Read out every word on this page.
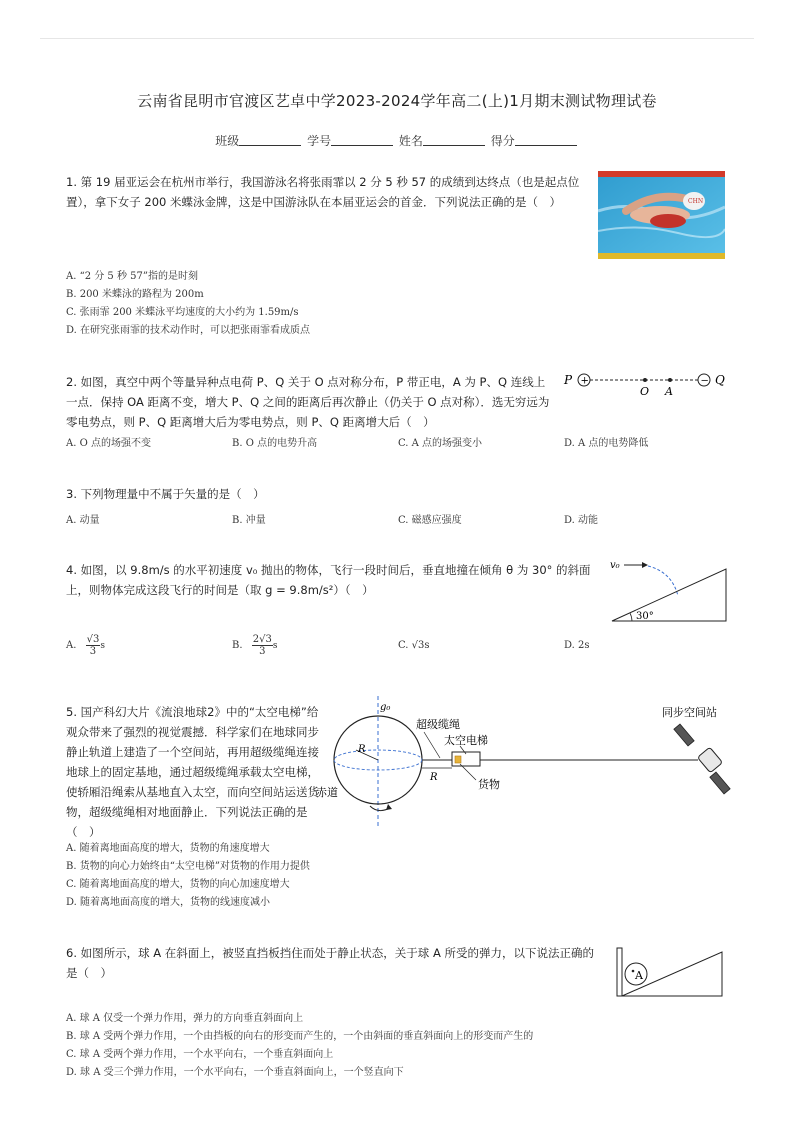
云南省昆明市官渡区艺卓中学2023-2024学年高二(上)1月期末测试物理试卷
班级	学号	姓名	得分
1. 第 19 届亚运会在杭州市举行，我国游泳名将张雨霏以 2 分 5 秒 57 的成绩到达终点（也是起点位置），拿下女子 200 米蝶泳金牌，这是中国游泳队在本届亚运会的首金．下列说法正确的是（　）	CHN
A. “2 分 5 秒 57”指的是时刻
B. 200 米蝶泳的路程为 200m
C. 张雨霏 200 米蝶泳平均速度的大小约为 1.59m/s
D. 在研究张雨霏的技术动作时，可以把张雨霏看成质点
2. 如图，真空中两个等量异种点电荷 P、Q 关于 O 点对称分布，P 带正电，A 为 P、Q 连线上一点．保持 OA 距离不变，增大 P、Q 之间的距离后再次静止（仍关于 O 点对称）．选无穷远为零电势点，则 P、Q 距离增大后为零电势点，则 P、Q 距离增大后（　）
P +
O A
− Q
A. O 点的场强不变	B. O 点的电势升高	C. A 点的场强变小	D. A 点的电势降低
3. 下列物理量中不属于矢量的是（　）
A. 动量	B. 冲量	C. 磁感应强度	D. 动能
4. 如图，以 9.8m/s 的水平初速度 v₀ 抛出的物体，飞行一段时间后，垂直地撞在倾角 θ 为 30° 的斜面上，则物体完成这段飞行的时间是（取 g = 9.8m/s²）（　）
v₀
30°
A. $\frac{√3}{3}$ s	B. $\frac{2√3}{3}$ s	C. √3s	D. 2s
5. 国产科幻大片《流浪地球2》中的“太空电梯”给观众带来了强烈的视觉震撼．科学家们在地球同步静止轨道上建造了一个空间站，再用超级缆绳连接地球上的固定基地，通过超级缆绳承载太空电梯，使轿厢沿绳索从基地直入太空，而向空间站运送货物，超级缆绳相对地面静止．下列说法正确的是（　）
g₀
R
赤道
R
超级缆绳
太空电梯
货物
同步空间站
A. 随着离地面高度的增大，货物的角速度增大
B. 货物的向心力始终由“太空电梯”对货物的作用力提供
C. 随着离地面高度的增大，货物的向心加速度增大
D. 随着离地面高度的增大，货物的线速度减小
6. 如图所示，球 A 在斜面上，被竖直挡板挡住而处于静止状态，关于球 A 所受的弹力，以下说法正确的是（　）	A
A. 球 A 仅受一个弹力作用，弹力的方向垂直斜面向上
B. 球 A 受两个弹力作用，一个由挡板的向右的形变而产生的，一个由斜面的垂直斜面向上的形变而产生的
C. 球 A 受两个弹力作用，一个水平向右，一个垂直斜面向上
D. 球 A 受三个弹力作用，一个水平向右，一个垂直斜面向上，一个竖直向下
